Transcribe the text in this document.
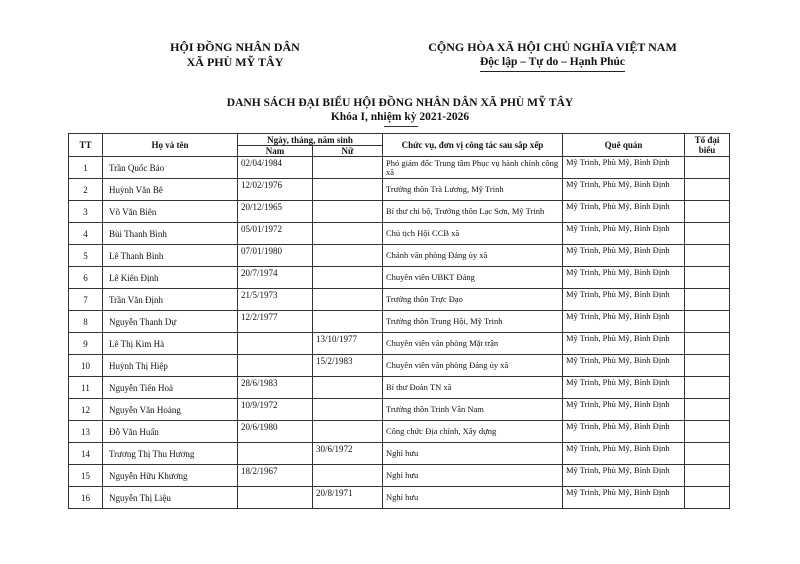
HỘI ĐỒNG NHÂN DÂN
XÃ PHÙ MỸ TÂY
CỘNG HÒA XÃ HỘI CHỦ NGHĨA VIỆT NAM
Độc lập – Tự do – Hạnh Phúc
DANH SÁCH ĐẠI BIỂU HỘI ĐỒNG NHÂN DÂN XÃ PHÙ MỸ TÂY
Khóa I, nhiệm kỳ 2021-2026
TT	Họ và tên	Ngày, tháng, năm sinh		Chức vụ, đơn vị công tác sau sắp xếp	Quê quán	Tổ đại biểu
		Nam	Nữ			
1	Trần Quốc Bảo	02/04/1984		Phó giám đốc Trung tâm Phục vụ hành chính công xã	Mỹ Trinh, Phù Mỹ, Bình Định	
2	Huỳnh Văn Bê	12/02/1976		Trưởng thôn Trà Lương, Mỹ Trinh	Mỹ Trinh, Phù Mỹ, Bình Định	
3	Võ Văn Biên	20/12/1965		Bí thư chi bộ, Trưởng thôn Lạc Sơn, Mỹ Trinh	Mỹ Trinh, Phù Mỹ, Bình Định	
4	Bùi Thanh Bình	05/01/1972		Chủ tịch Hội CCB xã	Mỹ Trinh, Phù Mỹ, Bình Định	
5	Lê Thanh Bình	07/01/1980		Chánh văn phòng Đảng ủy xã	Mỹ Trinh, Phù Mỹ, Bình Định	
6	Lê Kiên Định	20/7/1974		Chuyên viên UBKT Đảng	Mỹ Trinh, Phù Mỹ, Bình Định	
7	Trần Văn Định	21/5/1973		Trưởng thôn Trực Đạo	Mỹ Trinh, Phù Mỹ, Bình Định	
8	Nguyễn Thanh Dự	12/2/1977		Trưởng thôn Trung Hội, Mỹ Trinh	Mỹ Trinh, Phù Mỹ, Bình Định	
9	Lê Thị Kim Hà		13/10/1977	Chuyên viên văn phòng Mặt trận	Mỹ Trinh, Phù Mỹ, Bình Định	
10	Huỳnh Thị Hiệp		15/2/1983	Chuyên viên văn phòng Đảng ủy xã	Mỹ Trinh, Phù Mỹ, Bình Định	
11	Nguyễn Tiến Hoà	28/6/1983		Bí thư Đoàn TN xã	Mỹ Trinh, Phù Mỹ, Bình Định	
12	Nguyễn Văn Hoàng	10/9/1972		Trưởng thôn Trinh Vân Nam	Mỹ Trinh, Phù Mỹ, Bình Định	
13	Đỗ Văn Huấn	20/6/1980		Công chức Địa chính, Xây dựng	Mỹ Trinh, Phù Mỹ, Bình Định	
14	Trương Thị Thu Hương		30/6/1972	Nghỉ hưu	Mỹ Trinh, Phù Mỹ, Bình Định	
15	Nguyễn Hữu Khương	18/2/1967		Nghỉ hưu	Mỹ Trinh, Phù Mỹ, Bình Định	
16	Nguyễn Thị Liệu		20/8/1971	Nghỉ hưu	Mỹ Trinh, Phù Mỹ, Bình Định	
